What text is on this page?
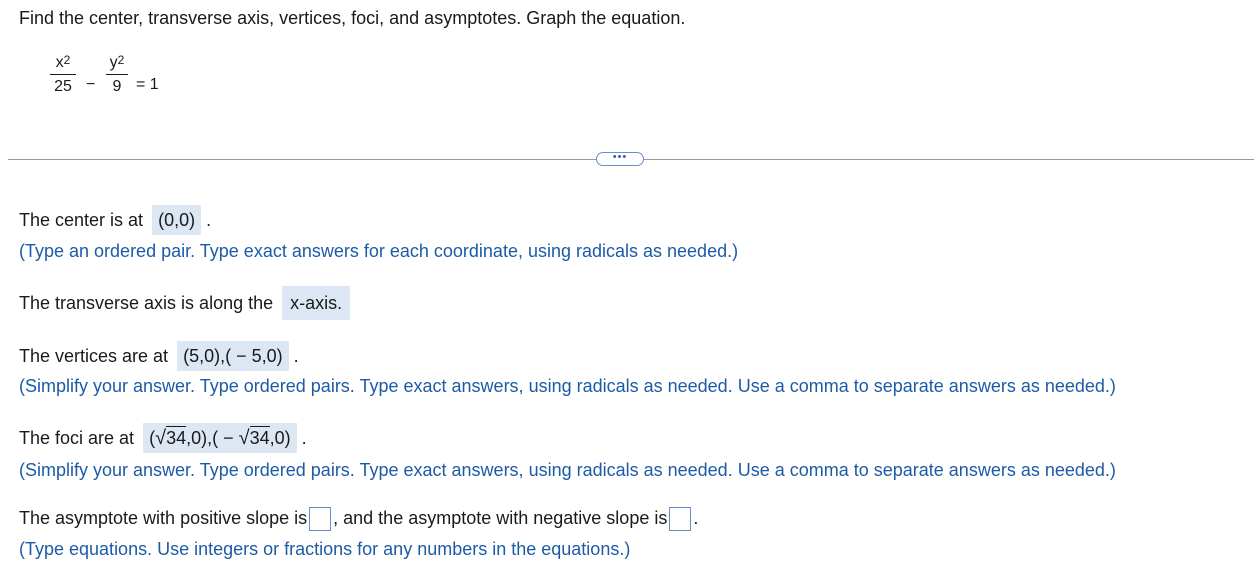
Find the center, transverse axis, vertices, foci, and asymptotes. Graph the equation.
$x^2$
25 −
$y^2$
9 = 1
•••
The center is at (0,0) .
(Type an ordered pair. Type exact answers for each coordinate, using radicals as needed.)
The transverse axis is along the x-axis.
The vertices are at (5,0),( − 5,0) .
(Simplify your answer. Type ordered pairs. Type exact answers, using radicals as needed. Use a comma to separate answers as needed.)
The foci are at (√34,0),( − √34,0) .
(Simplify your answer. Type ordered pairs. Type exact answers, using radicals as needed. Use a comma to separate answers as needed.)
The asymptote with positive slope is , and the asymptote with negative slope is .
(Type equations. Use integers or fractions for any numbers in the equations.)
